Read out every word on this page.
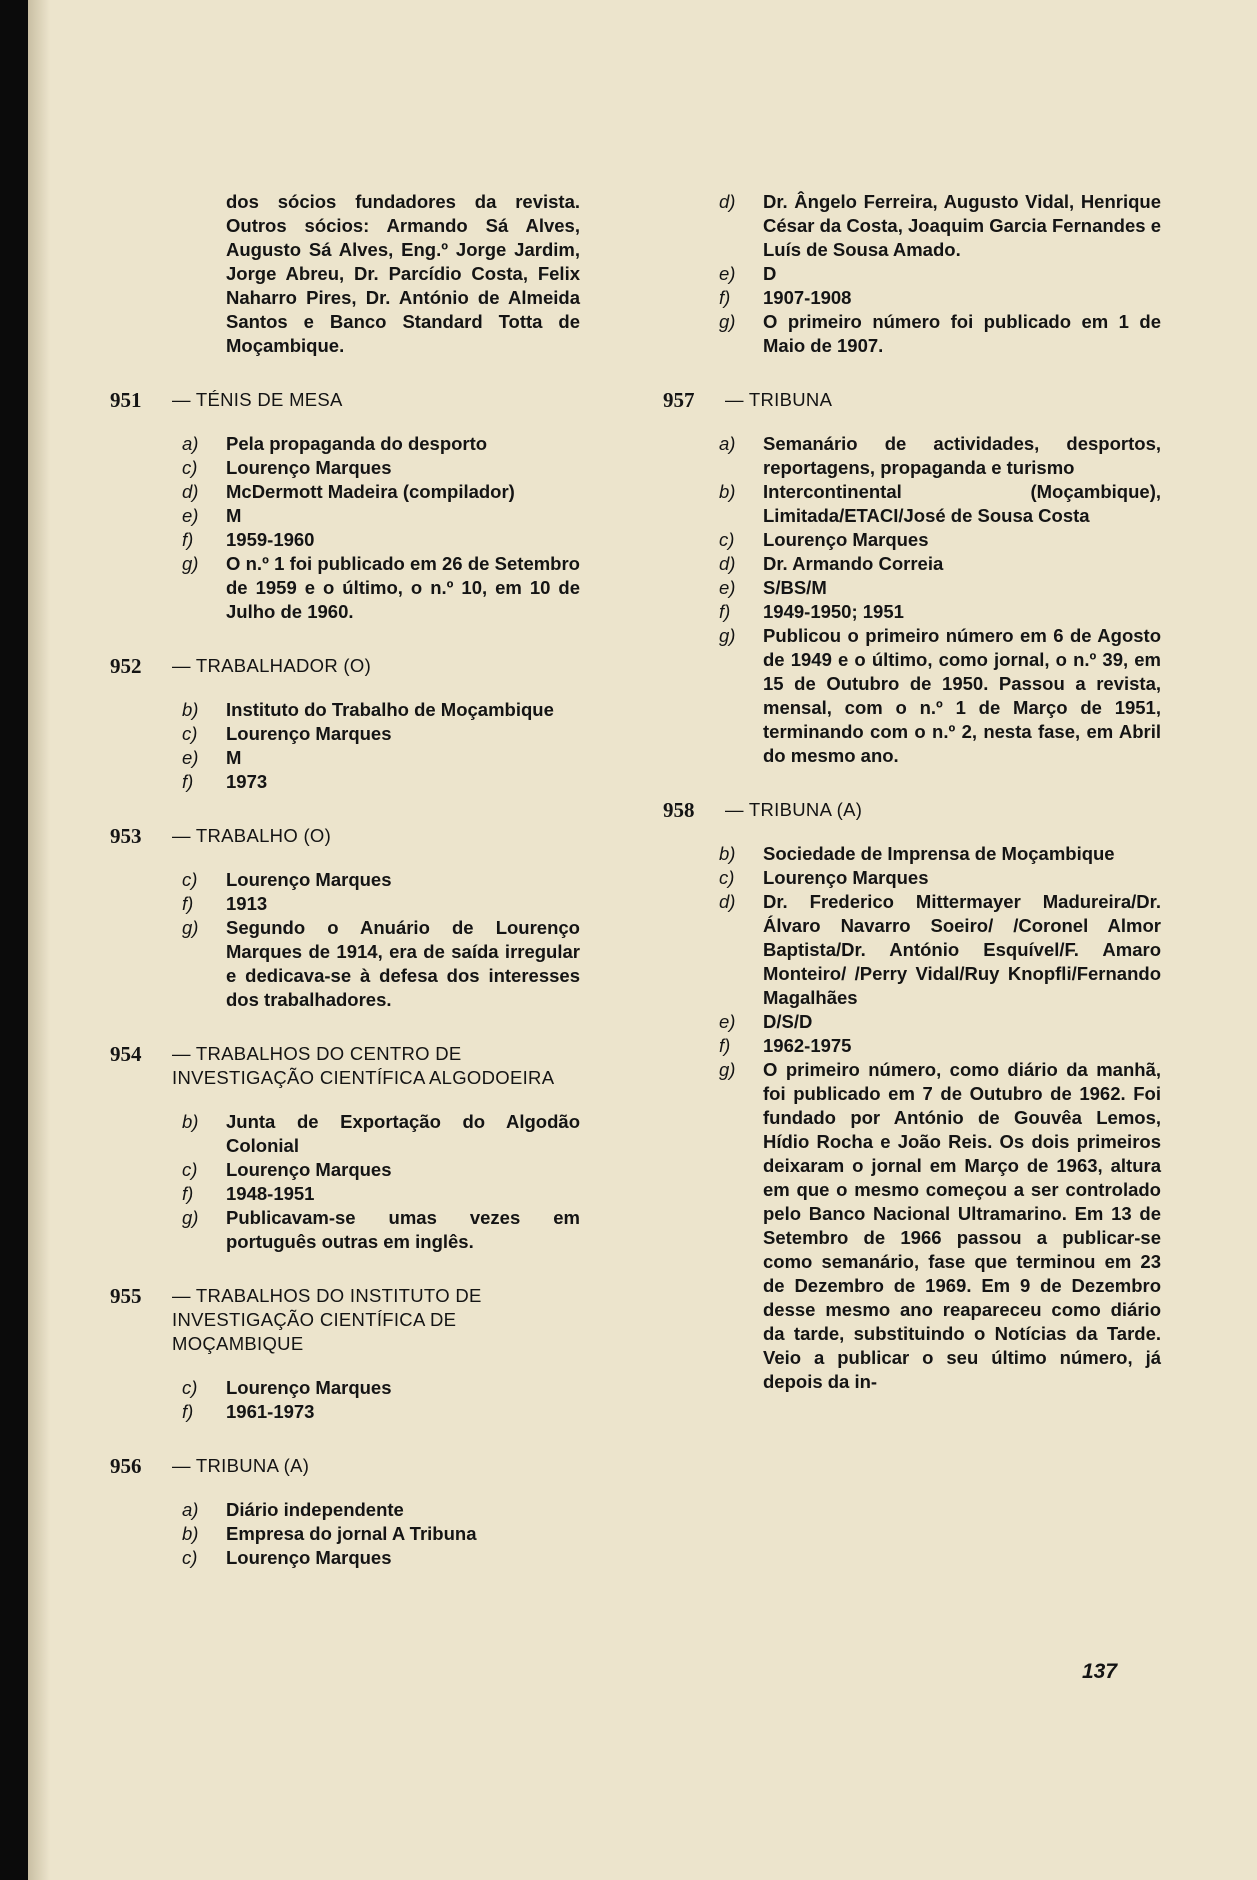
dos sócios fundadores da revista. Outros sócios: Armando Sá Alves, Augusto Sá Alves, Eng.º Jorge Jardim, Jorge Abreu, Dr. Parcídio Costa, Felix Naharro Pires, Dr. António de Almeida Santos e Banco Standard Totta de Moçambique.
951	— TÉNIS DE MESA
a)	Pela propaganda do desporto
c)	Lourenço Marques
d)	McDermott Madeira (compilador)
e)	M
f)	1959-1960
g)	O n.º 1 foi publicado em 26 de Setembro de 1959 e o último, o n.º 10, em 10 de Julho de 1960.
952	— TRABALHADOR (O)
b)	Instituto do Trabalho de Moçambique
c)	Lourenço Marques
e)	M
f)	1973
953	— TRABALHO (O)
c)	Lourenço Marques
f)	1913
g)	Segundo o Anuário de Lourenço Marques de 1914, era de saída irregular e dedicava-se à defesa dos interesses dos trabalhadores.
954	— TRABALHOS DO CENTRO DE INVESTIGAÇÃO CIENTÍFICA ALGODOEIRA
b)	Junta de Exportação do Algodão Colonial
c)	Lourenço Marques
f)	1948-1951
g)	Publicavam-se umas vezes em português outras em inglês.
955	— TRABALHOS DO INSTITUTO DE INVESTIGAÇÃO CIENTÍFICA DE MOÇAMBIQUE
c)	Lourenço Marques
f)	1961-1973
956	— TRIBUNA (A)
a)	Diário independente
b)	Empresa do jornal A Tribuna
c)	Lourenço Marques
d)	Dr. Ângelo Ferreira, Augusto Vidal, Henrique César da Costa, Joaquim Garcia Fernandes e Luís de Sousa Amado.
e)	D
f)	1907-1908
g)	O primeiro número foi publicado em 1 de Maio de 1907.
957	— TRIBUNA
a)	Semanário de actividades, desportos, reportagens, propaganda e turismo
b)	Intercontinental (Moçambique), Limitada/ETACI/José de Sousa Costa
c)	Lourenço Marques
d)	Dr. Armando Correia
e)	S/BS/M
f)	1949-1950; 1951
g)	Publicou o primeiro número em 6 de Agosto de 1949 e o último, como jornal, o n.º 39, em 15 de Outubro de 1950. Passou a revista, mensal, com o n.º 1 de Março de 1951, terminando com o n.º 2, nesta fase, em Abril do mesmo ano.
958	— TRIBUNA (A)
b)	Sociedade de Imprensa de Moçambique
c)	Lourenço Marques
d)	Dr. Frederico Mittermayer Madureira/Dr. Álvaro Navarro Soeiro/ /Coronel Almor Baptista/Dr. António Esquível/F. Amaro Monteiro/ /Perry Vidal/Ruy Knopfli/Fernando Magalhães
e)	D/S/D
f)	1962-1975
g)	O primeiro número, como diário da manhã, foi publicado em 7 de Outubro de 1962. Foi fundado por António de Gouvêa Lemos, Hídio Rocha e João Reis. Os dois primeiros deixaram o jornal em Março de 1963, altura em que o mesmo começou a ser controlado pelo Banco Nacional Ultramarino. Em 13 de Setembro de 1966 passou a publicar-se como semanário, fase que terminou em 23 de Dezembro de 1969. Em 9 de Dezembro desse mesmo ano reapareceu como diário da tarde, substituindo o Notícias da Tarde. Veio a publicar o seu último número, já depois da in-
137
